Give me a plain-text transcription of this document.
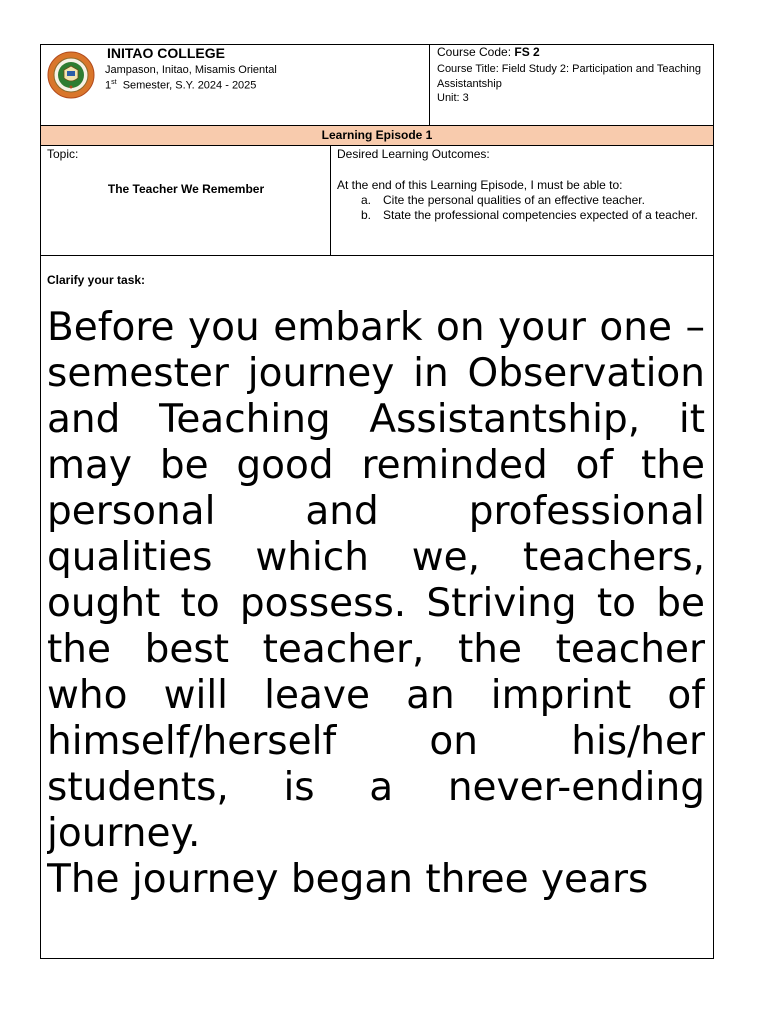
INITAO COLLEGE
Jampason, Initao, Misamis Oriental
1st  Semester, S.Y. 2024 - 2025
Course Code: FS 2
Course Title: Field Study 2: Participation and Teaching Assistantship
Unit: 3
Learning Episode 1
Topic:
The Teacher We Remember
Desired Learning Outcomes:
At the end of this Learning Episode, I must be able to:
a. Cite the personal qualities of an effective teacher.
b. State the professional competencies expected of a teacher.
Clarify your task:

Before you embark on your one – semester journey in Observation and Teaching Assistantship, it may be good reminded of the personal and professional qualities which we, teachers, ought to possess. Striving to be the best teacher, the teacher who will leave an imprint of himself/herself on his/her students, is a never-ending journey.

The journey began three years
